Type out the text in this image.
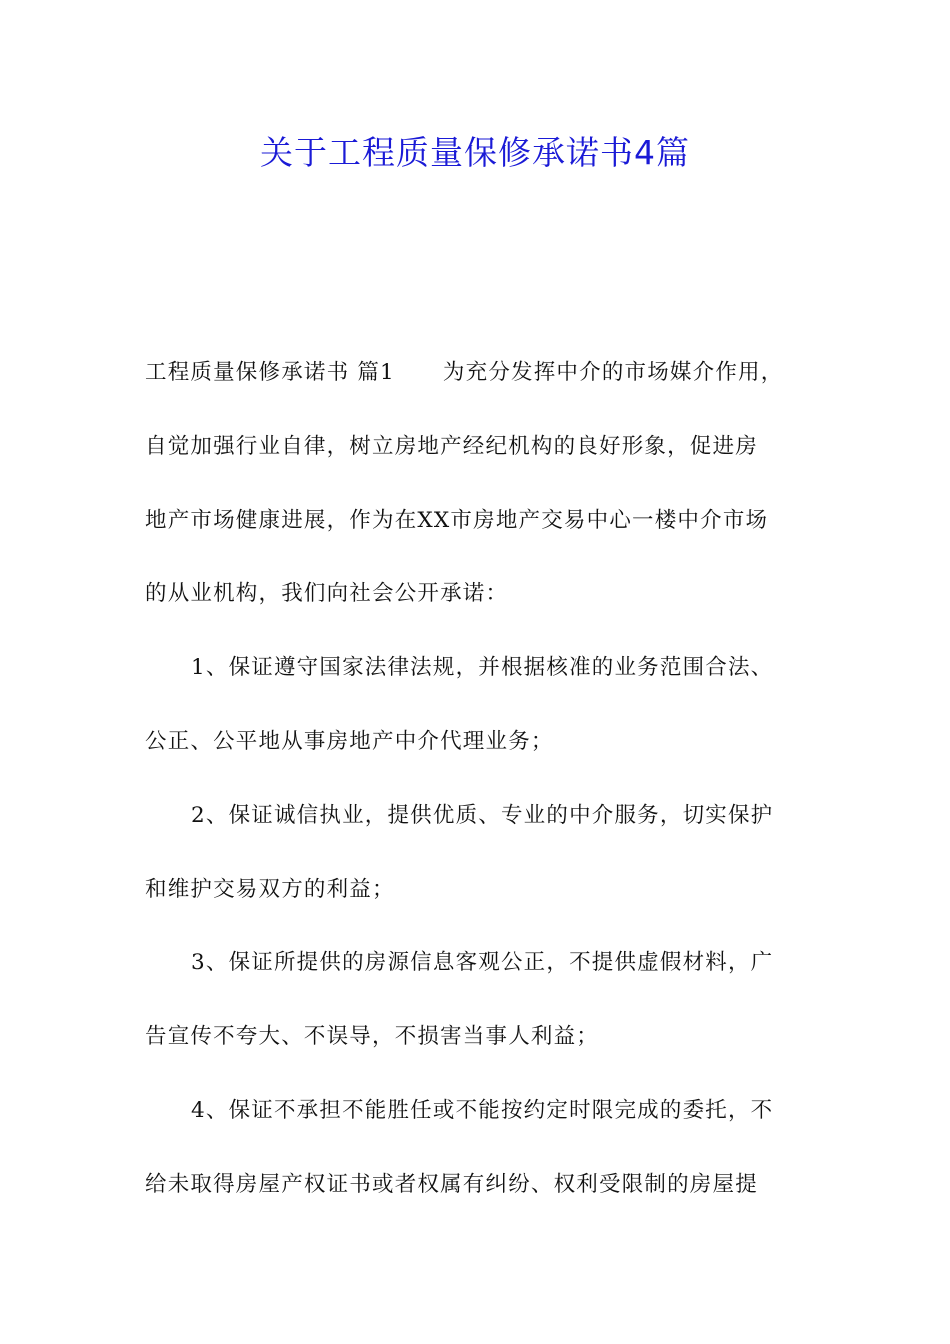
关于工程质量保修承诺书4篇
工程质量保修承诺书 篇1 为充分发挥中介的市场媒介作用，
自觉加强行业自律，树立房地产经纪机构的良好形象，促进房
地产市场健康进展，作为在XX市房地产交易中心一楼中介市场
的从业机构，我们向社会公开承诺：
1、保证遵守国家法律法规，并根据核准的业务范围合法、
公正、公平地从事房地产中介代理业务；
2、保证诚信执业，提供优质、专业的中介服务，切实保护
和维护交易双方的利益；
3、保证所提供的房源信息客观公正，不提供虚假材料，广
告宣传不夸大、不误导，不损害当事人利益；
4、保证不承担不能胜任或不能按约定时限完成的委托，不
给未取得房屋产权证书或者权属有纠纷、权利受限制的房屋提
